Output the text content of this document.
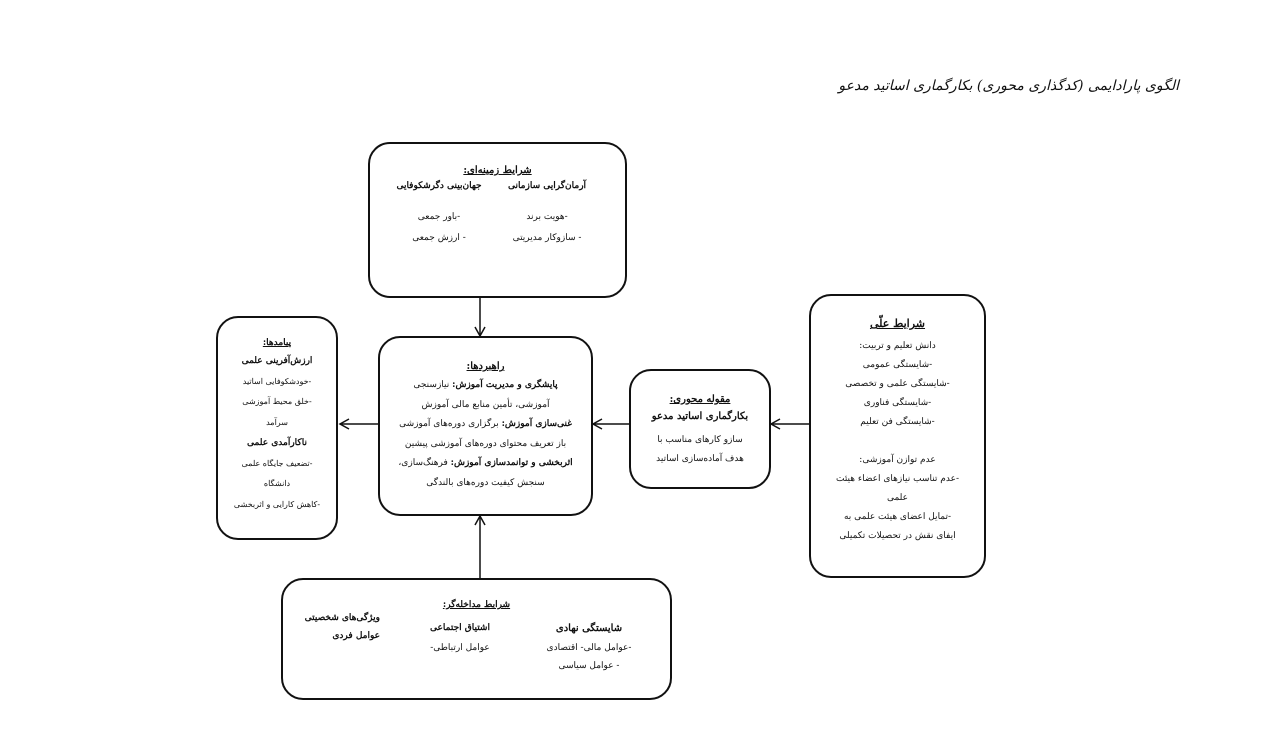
الگوی پارادایمی (کدگذاری محوری) بکارگماری اساتید مدعو
شرایط زمینه‌ای:
آرمان‌گرایی سازمانی
-هویت برند
- سازوکار مدیریتی
جهان‌بینی دگرشکوفایی
-باور جمعی
- ارزش جمعی
شرایط علّی
دانش تعلیم و تربیت:
-شایستگی عمومی
-شایستگی علمی و تخصصی
-شایستگی فناوری
-شایستگی فن تعلیم
عدم توازن آموزشی:
-عدم تناسب نیازهای اعضاء هیئت
علمی
-تمایل اعضای هیئت علمی به
ایفای نقش در تحصیلات تکمیلی
مقوله محوری:
بکارگماری اساتید مدعو
سازو کارهای مناسب با
هدف آماده‌سازی اساتید
راهبردها:
پایشگری و مدیریت آموزش: نیازسنجی
آموزشی، تأمین منابع مالی آموزش
غنی‌سازی آموزش: برگزاری دوره‌های آموزشی
باز تعریف محتوای دوره‌های آموزشی پیشین
اثربخشی و توانمدسازی آموزش: فرهنگ‌سازی،
سنجش کیفیت دوره‌های بالندگی
پیامدها:
ارزش‌آفرینی علمی
-خودشکوفایی اساتید
-خلق محیط آموزشی
سرآمد
ناکارآمدی علمی
-تضعیف جایگاه علمی
دانشگاه
-کاهش کارایی و اثربخشی
شرایط مداخله‌گر:
شایستگی نهادی
-عوامل مالی- اقتصادی
- عوامل سیاسی
اشتیاق اجتماعی
عوامل ارتباطی-
ویژگی‌های شخصیتی
عوامل فردی
